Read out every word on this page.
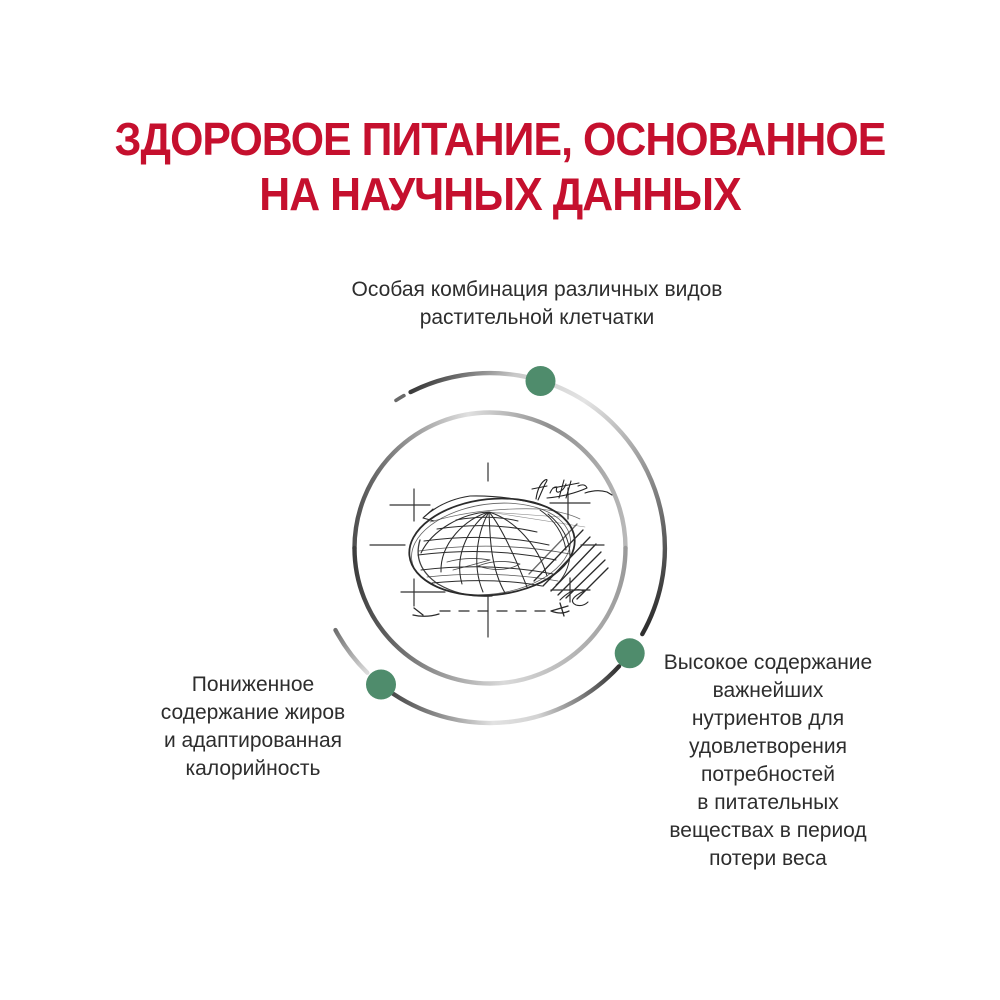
ЗДОРОВОЕ ПИТАНИЕ, ОСНОВАННОЕ
НА НАУЧНЫХ ДАННЫХ
Особая комбинация различных видов
растительной клетчатки
Пониженное
содержание жиров
и адаптированная
калорийность
Высокое содержание
важнейших
нутриентов для
удовлетворения
потребностей
в питательных
веществах в период
потери веса
